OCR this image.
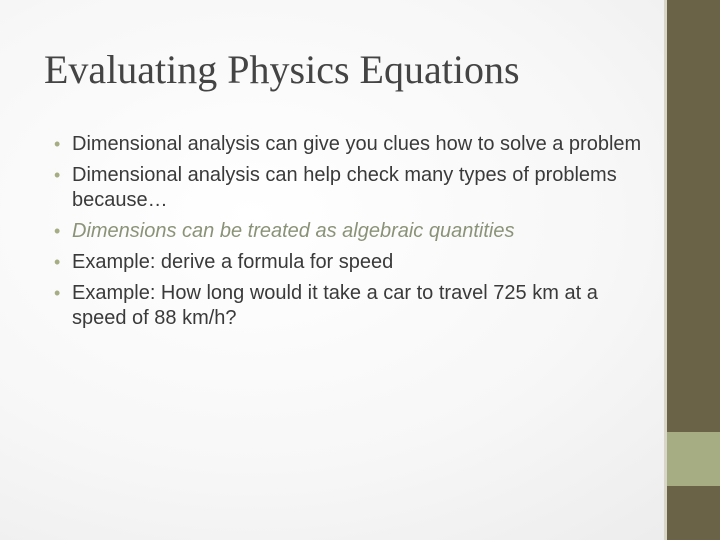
Evaluating Physics Equations
• Dimensional analysis can give you clues how to solve a problem
• Dimensional analysis can help check many types of problems because…
• Dimensions can be treated as algebraic quantities
• Example: derive a formula for speed
• Example: How long would it take a car to travel 725 km at a speed of 88 km/h?
